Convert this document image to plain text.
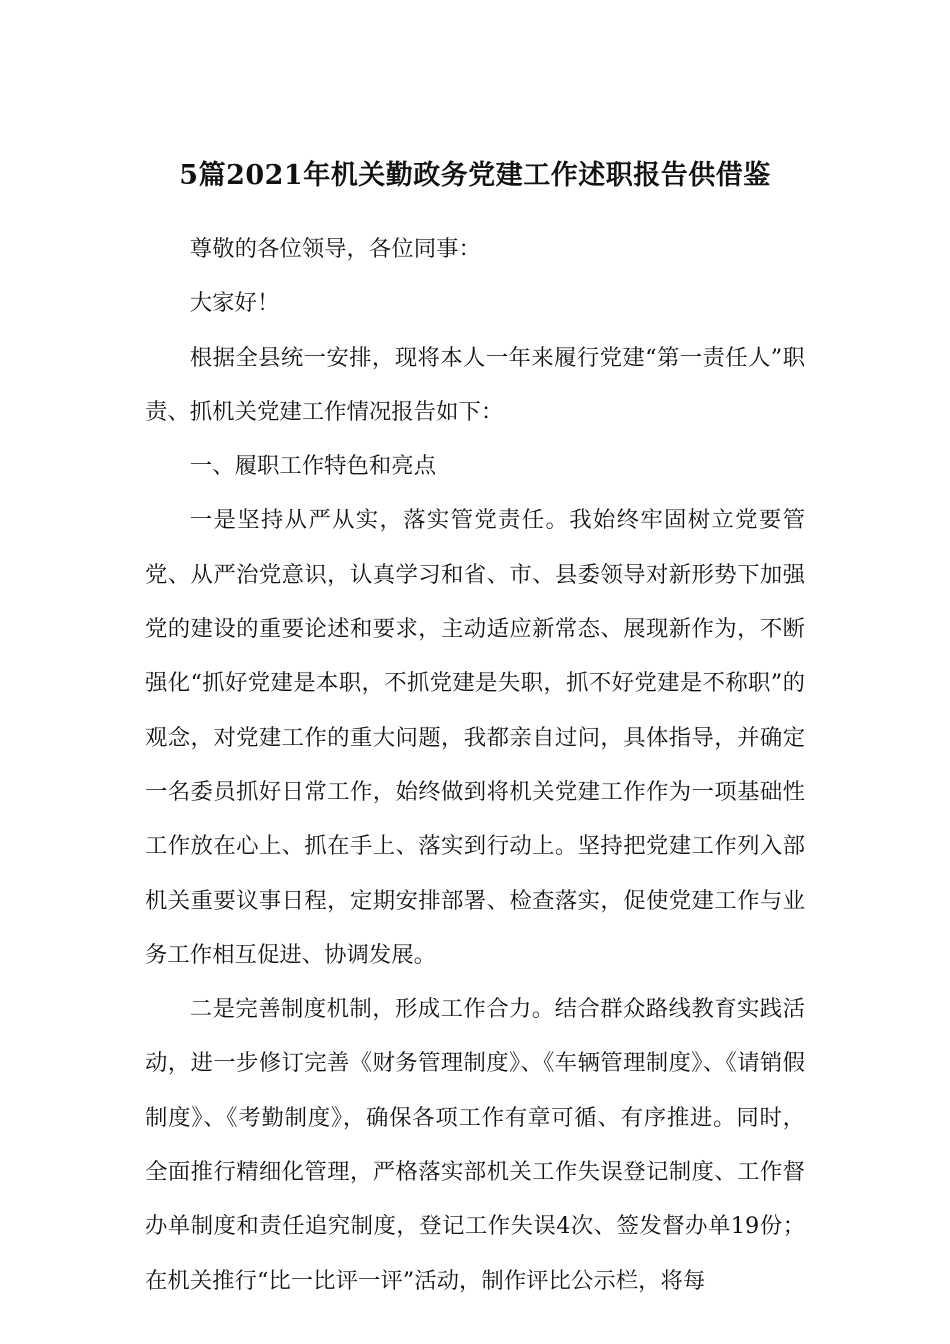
5篇2021年机关勤政务党建工作述职报告供借鉴

尊敬的各位领导，各位同事：

大家好！

根据全县统一安排，现将本人一年来履行党建“第一责任人”职责、抓机关党建工作情况报告如下：

一、履职工作特色和亮点

一是坚持从严从实，落实管党责任。我始终牢固树立党要管党、从严治党意识，认真学习和省、市、县委领导对新形势下加强党的建设的重要论述和要求，主动适应新常态、展现新作为，不断强化“抓好党建是本职，不抓党建是失职，抓不好党建是不称职”的观念，对党建工作的重大问题，我都亲自过问，具体指导，并确定一名委员抓好日常工作，始终做到将机关党建工作作为一项基础性工作放在心上、抓在手上、落实到行动上。坚持把党建工作列入部机关重要议事日程，定期安排部署、检查落实，促使党建工作与业务工作相互促进、协调发展。

二是完善制度机制，形成工作合力。结合群众路线教育实践活动，进一步修订完善《财务管理制度》、《车辆管理制度》、《请销假制度》、《考勤制度》，确保各项工作有章可循、有序推进。同时，全面推行精细化管理，严格落实部机关工作失误登记制度、工作督办单制度和责任追究制度，登记工作失误4次、签发督办单19份；在机关推行“比一比评一评”活动，制作评比公示栏，将每
